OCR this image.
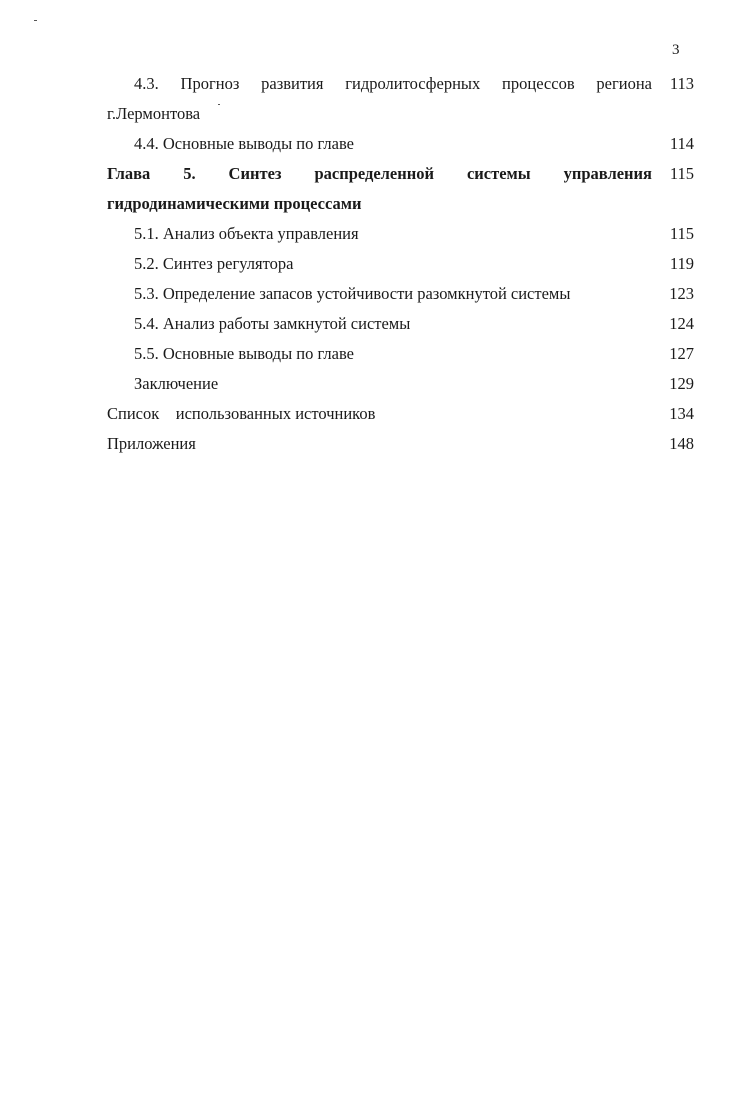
3
4.3. Прогноз развития гидролитосферных процессов региона	113
г.Лермонтова
4.4. Основные выводы по главе	114
Глава 5. Синтез распределенной системы управления	115
гидродинамическими процессами
5.1. Анализ объекта управления	115
5.2. Синтез регулятора	119
5.3. Определение запасов устойчивости разомкнутой системы	123
5.4. Анализ работы замкнутой системы	124
5.5. Основные выводы по главе	127
Заключение	129
Список    использованных источников	134
Приложения	148
